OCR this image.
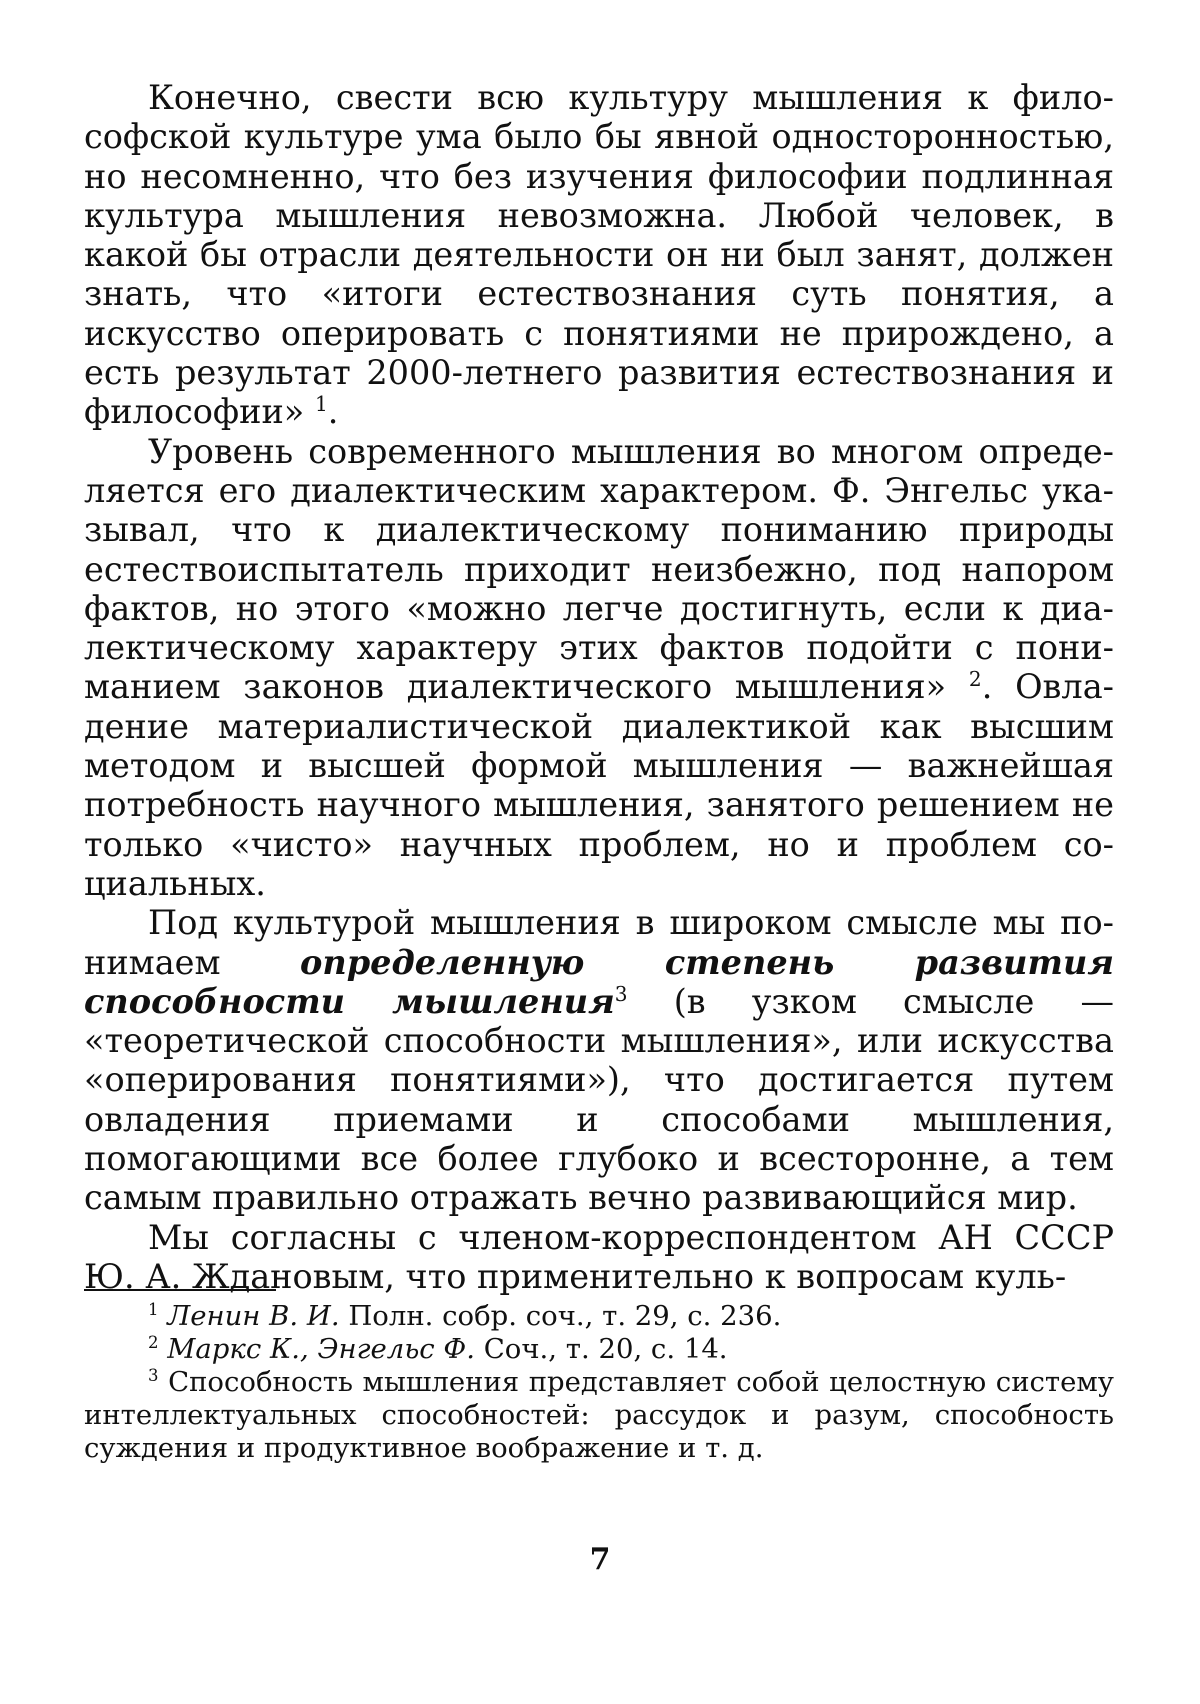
Конечно, свести всю культуру мышления к философской культуре ума было бы явной односторонностью, но несомненно, что без изучения философии подлинная культура мышления невозможна. Любой человек, в какой бы отрасли деятельности он ни был занят, должен знать, что «итоги естествознания суть понятия, а искусство оперировать с понятиями не прирождено, а есть результат 2000-летнего развития естествознания и философии» $^1$.

Уровень современного мышления во многом определяется его диалектическим характером. Ф. Энгельс указывал, что к диалектическому пониманию природы естествоиспытатель приходит неизбежно, под напором фактов, но этого «можно легче достигнуть, если к диалектическому характеру этих фактов подойти с пониманием законов диалектического мышления» $^2$. Овладение материалистической диалектикой как высшим методом и высшей формой мышления — важнейшая потребность научного мышления, занятого решением не только «чисто» научных проблем, но и проблем социальных.

Под культурой мышления в широком смысле мы понимаем определенную степень развития способности мышления$^3$ (в узком смысле — «теоретической способности мышления», или искусства «оперирования понятиями»), что достигается путем овладения приемами и способами мышления, помогающими все более глубоко и всесторонне, а тем самым правильно отражать вечно развивающийся мир.

Мы согласны с членом-корреспондентом АН СССР Ю. А. Ждановым, что применительно к вопросам куль-

$^1$ Ленин В. И. Полн. собр. соч., т. 29, с. 236.

$^2$ Маркс К., Энгельс Ф. Соч., т. 20, с. 14.

$^3$ Способность мышления представляет собой целостную систему интеллектуальных способностей: рассудок и разум, способность суждения и продуктивное воображение и т. д.

7
